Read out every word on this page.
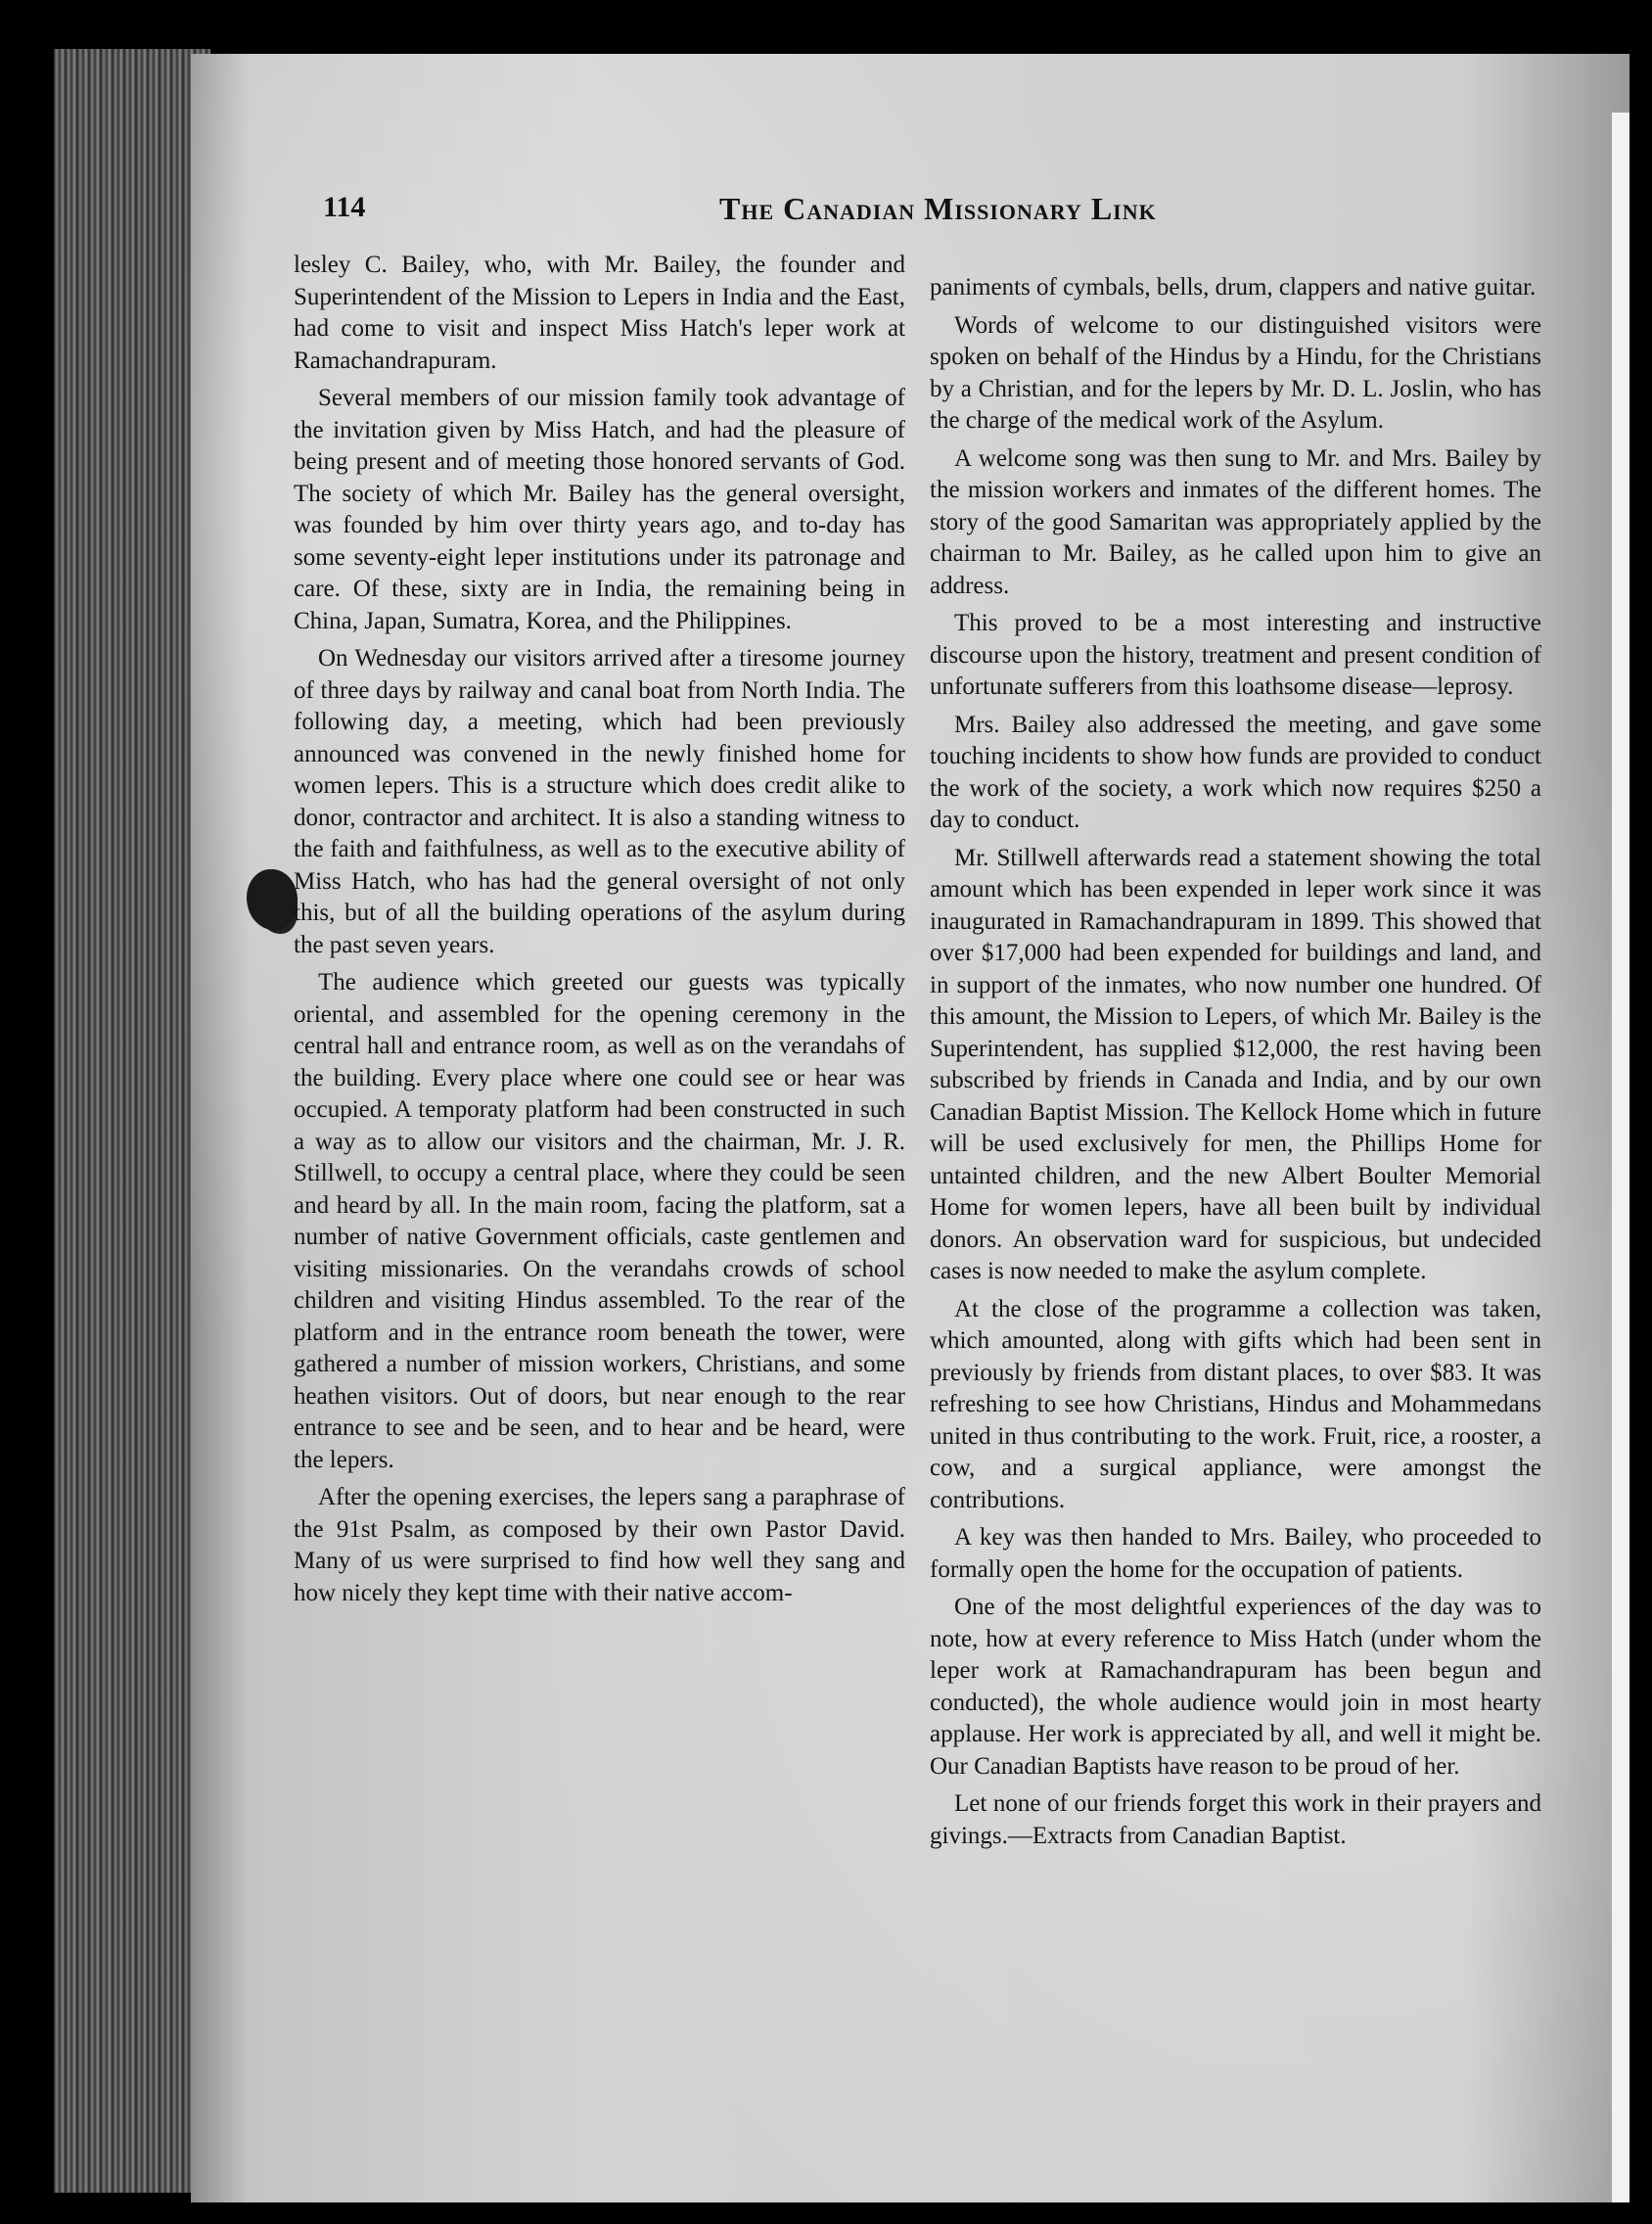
114	The Canadian Missionary Link

lesley C. Bailey, who, with Mr. Bailey, the founder and Superintendent of the Mission to Lepers in India and the East, had come to visit and inspect Miss Hatch's leper work at Ramachandrapuram.

Several members of our mission family took advantage of the invitation given by Miss Hatch, and had the pleasure of being present and of meeting those honored servants of God. The society of which Mr. Bailey has the general oversight, was founded by him over thirty years ago, and to-day has some seventy-eight leper institutions under its patronage and care. Of these, sixty are in India, the remaining being in China, Japan, Sumatra, Korea, and the Philippines.

On Wednesday our visitors arrived after a tiresome journey of three days by railway and canal boat from North India. The following day, a meeting, which had been previously announced was convened in the newly finished home for women lepers. This is a structure which does credit alike to donor, contractor and architect. It is also a standing witness to the faith and faithfulness, as well as to the executive ability of Miss Hatch, who has had the general oversight of not only this, but of all the building operations of the asylum during the past seven years.

The audience which greeted our guests was typically oriental, and assembled for the opening ceremony in the central hall and entrance room, as well as on the verandahs of the building. Every place where one could see or hear was occupied. A temporaty platform had been constructed in such a way as to allow our visitors and the chairman, Mr. J. R. Stillwell, to occupy a central place, where they could be seen and heard by all. In the main room, facing the platform, sat a number of native Government officials, caste gentlemen and visiting missionaries. On the verandahs crowds of school children and visiting Hindus assembled. To the rear of the platform and in the entrance room beneath the tower, were gathered a number of mission workers, Christians, and some heathen visitors. Out of doors, but near enough to the rear entrance to see and be seen, and to hear and be heard, were the lepers.

After the opening exercises, the lepers sang a paraphrase of the 91st Psalm, as composed by their own Pastor David. Many of us were surprised to find how well they sang and how nicely they kept time with their native accom-

paniments of cymbals, bells, drum, clappers and native guitar.

Words of welcome to our distinguished visitors were spoken on behalf of the Hindus by a Hindu, for the Christians by a Christian, and for the lepers by Mr. D. L. Joslin, who has the charge of the medical work of the Asylum.

A welcome song was then sung to Mr. and Mrs. Bailey by the mission workers and inmates of the different homes. The story of the good Samaritan was appropriately applied by the chairman to Mr. Bailey, as he called upon him to give an address.

This proved to be a most interesting and instructive discourse upon the history, treatment and present condition of unfortunate sufferers from this loathsome disease—leprosy.

Mrs. Bailey also addressed the meeting, and gave some touching incidents to show how funds are provided to conduct the work of the society, a work which now requires $250 a day to conduct.

Mr. Stillwell afterwards read a statement showing the total amount which has been expended in leper work since it was inaugurated in Ramachandrapuram in 1899. This showed that over $17,000 had been expended for buildings and land, and in support of the inmates, who now number one hundred. Of this amount, the Mission to Lepers, of which Mr. Bailey is the Superintendent, has supplied $12,000, the rest having been subscribed by friends in Canada and India, and by our own Canadian Baptist Mission. The Kellock Home which in future will be used exclusively for men, the Phillips Home for untainted children, and the new Albert Boulter Memorial Home for women lepers, have all been built by individual donors. An observation ward for suspicious, but undecided cases is now needed to make the asylum complete.

At the close of the programme a collection was taken, which amounted, along with gifts which had been sent in previously by friends from distant places, to over $83. It was refreshing to see how Christians, Hindus and Mohammedans united in thus contributing to the work. Fruit, rice, a rooster, a cow, and a surgical appliance, were amongst the contributions.

A key was then handed to Mrs. Bailey, who proceeded to formally open the home for the occupation of patients.

One of the most delightful experiences of the day was to note, how at every reference to Miss Hatch (under whom the leper work at Ramachandrapuram has been begun and conducted), the whole audience would join in most hearty applause. Her work is appreciated by all, and well it might be. Our Canadian Baptists have reason to be proud of her.

Let none of our friends forget this work in their prayers and givings.—Extracts from Canadian Baptist.
